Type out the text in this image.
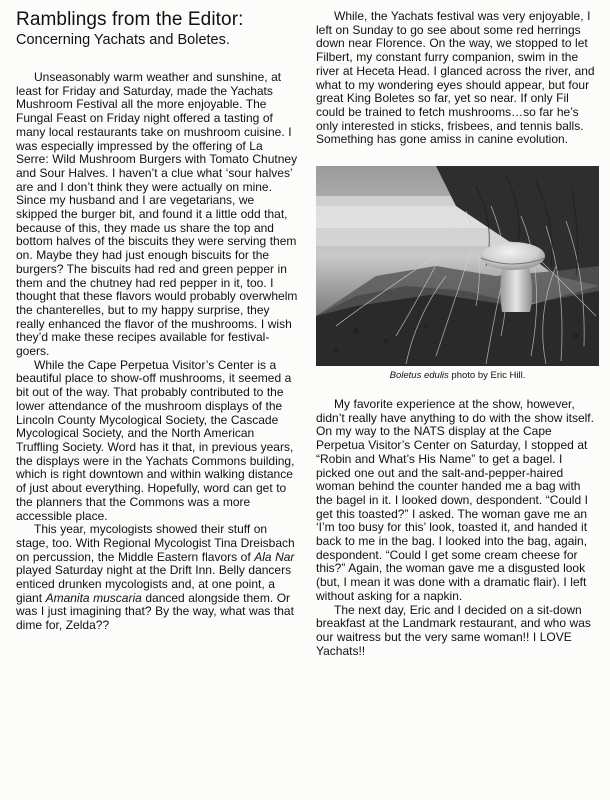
Ramblings from the Editor:
Concerning Yachats and Boletes.

Unseasonably warm weather and sunshine, at least for Friday and Saturday, made the Yachats Mushroom Festival all the more enjoyable. The Fungal Feast on Friday night offered a tasting of many local restaurants take on mushroom cuisine. I was especially impressed by the offering of La Serre: Wild Mushroom Burgers with Tomato Chutney and Sour Halves. I haven’t a clue what ‘sour halves’ are and I don’t think they were actually on mine. Since my husband and I are vegetarians, we skipped the burger bit, and found it a little odd that, because of this, they made us share the top and bottom halves of the biscuits they were serving them on. Maybe they had just enough biscuits for the burgers? The biscuits had red and green pepper in them and the chutney had red pepper in it, too. I thought that these flavors would probably overwhelm the chanterelles, but to my happy surprise, they really enhanced the flavor of the mushrooms. I wish they’d make these recipes available for festival-goers.

While the Cape Perpetua Visitor’s Center is a beautiful place to show-off mushrooms, it seemed a bit out of the way. That probably contributed to the lower attendance of the mushroom displays of the Lincoln County Mycological Society, the Cascade Mycological Society, and the North American Truffling Society. Word has it that, in previous years, the displays were in the Yachats Commons building, which is right downtown and within walking distance of just about everything. Hopefully, word can get to the planners that the Commons was a more accessible place.

This year, mycologists showed their stuff on stage, too. With Regional Mycologist Tina Dreisbach on percussion, the Middle Eastern flavors of Ala Nar played Saturday night at the Drift Inn. Belly dancers enticed drunken mycologists and, at one point, a giant Amanita muscaria danced alongside them. Or was I just imagining that? By the way, what was that dime for, Zelda??

While, the Yachats festival was very enjoyable, I left on Sunday to go see about some red herrings down near Florence. On the way, we stopped to let Filbert, my constant furry companion, swim in the river at Heceta Head. I glanced across the river, and what to my wondering eyes should appear, but four great King Boletes so far, yet so near. If only Fil could be trained to fetch mushrooms…so far he’s only interested in sticks, frisbees, and tennis balls. Something has gone amiss in canine evolution.

Boletus edulis photo by Eric Hill.

My favorite experience at the show, however, didn’t really have anything to do with the show itself. On my way to the NATS display at the Cape Perpetua Visitor’s Center on Saturday, I stopped at “Robin and What’s His Name” to get a bagel. I picked one out and the salt-and-pepper-haired woman behind the counter handed me a bag with the bagel in it. I looked down, despondent. “Could I get this toasted?” I asked. The woman gave me an ‘I’m too busy for this’ look, toasted it, and handed it back to me in the bag. I looked into the bag, again, despondent. “Could I get some cream cheese for this?” Again, the woman gave me a disgusted look (but, I mean it was done with a dramatic flair). I left without asking for a napkin.

The next day, Eric and I decided on a sit-down breakfast at the Landmark restaurant, and who was our waitress but the very same woman!! I LOVE Yachats!!
